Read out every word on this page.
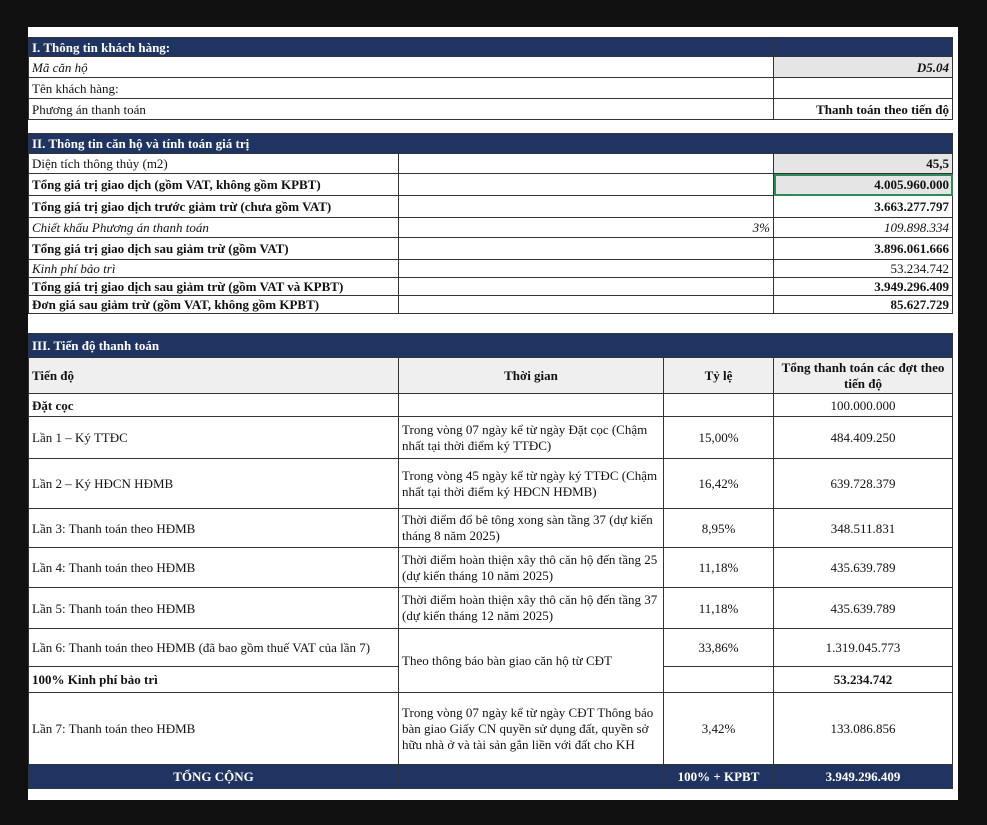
I. Thông tin khách hàng:	
Mã căn hộ	D5.04
Tên khách hàng:	
Phương án thanh toán	Thanh toán theo tiến độ
II. Thông tin căn hộ và tính toán giá trị		
Diện tích thông thủy (m2)		45,5
Tổng giá trị giao dịch (gồm VAT, không gồm KPBT)		4.005.960.000
Tổng giá trị giao dịch trước giảm trừ (chưa gồm VAT)		3.663.277.797
Chiết khấu Phương án thanh toán	3%	109.898.334
Tổng giá trị giao dịch sau giảm trừ (gồm VAT)		3.896.061.666
Kinh phí bảo trì		53.234.742
Tổng giá trị giao dịch sau giảm trừ (gồm VAT và KPBT)		3.949.296.409
Đơn giá sau giảm trừ (gồm VAT, không gồm KPBT)		85.627.729
III. Tiến độ thanh toán			
Tiến độ	Thời gian	Tỷ lệ	Tổng thanh toán các đợt theo tiến độ
Đặt cọc			100.000.000
Lần 1 – Ký TTĐC	Trong vòng 07 ngày kể từ ngày Đặt cọc (Chậm nhất tại thời điểm ký TTĐC)	15,00%	484.409.250
Lần 2 – Ký HĐCN HĐMB	Trong vòng 45 ngày kể từ ngày ký TTĐC (Chậm nhất tại thời điểm ký HĐCN HĐMB)	16,42%	639.728.379
Lần 3: Thanh toán theo HĐMB	Thời điểm đổ bê tông xong sàn tầng 37 (dự kiến tháng 8 năm 2025)	8,95%	348.511.831
Lần 4: Thanh toán theo HĐMB	Thời điểm hoàn thiện xây thô căn hộ đến tầng 25 (dự kiến tháng 10 năm 2025)	11,18%	435.639.789
Lần 5: Thanh toán theo HĐMB	Thời điểm hoàn thiện xây thô căn hộ đến tầng 37 (dự kiến tháng 12 năm 2025)	11,18%	435.639.789
Lần 6: Thanh toán theo HĐMB (đã bao gồm thuế VAT của lần 7)	Theo thông báo bàn giao căn hộ từ CĐT	33,86%	1.319.045.773
100% Kinh phí bảo trì			53.234.742
Lần 7: Thanh toán theo HĐMB	Trong vòng 07 ngày kể từ ngày CĐT Thông báo bàn giao Giấy CN quyền sử dụng đất, quyền sở hữu nhà ở và tài sản gắn liền với đất cho KH	3,42%	133.086.856
TỔNG CỘNG		100% + KPBT	3.949.296.409
